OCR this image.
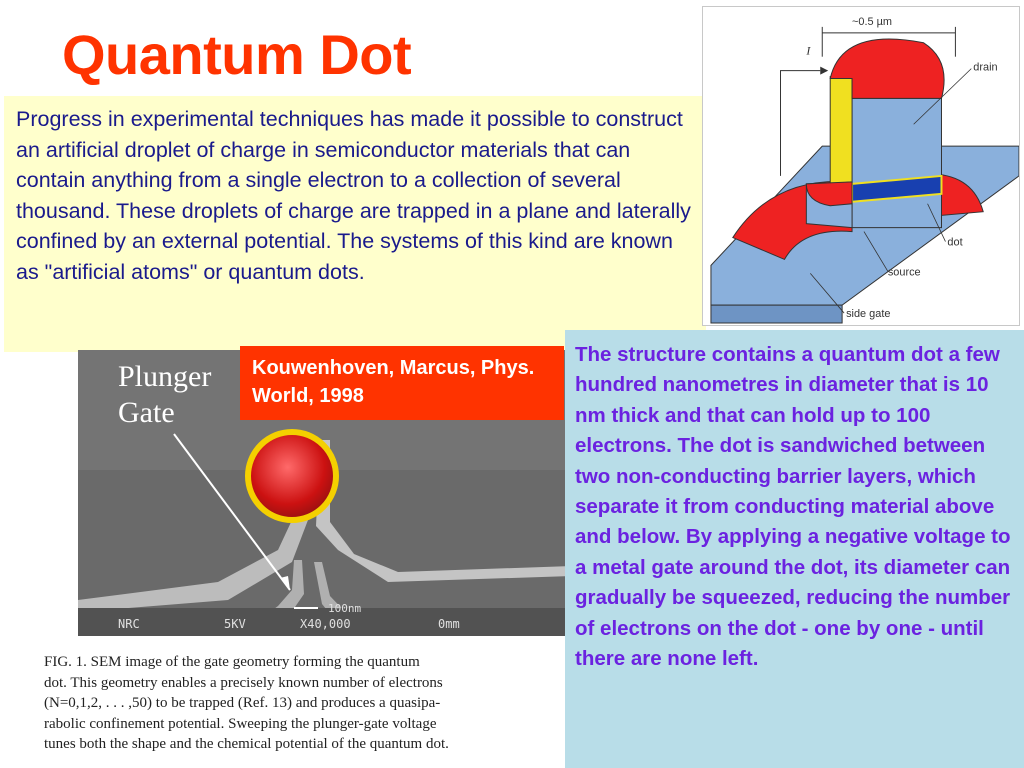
Quantum Dot
Progress in experimental techniques has made it possible to construct an artificial droplet of charge in semiconductor materials that can contain anything from a single electron to a collection of several thousand. These droplets of charge are trapped in a plane and laterally confined by an external potential. The systems of this kind are known as "artificial atoms" or quantum dots.
~0.5 µm
I
drain
dot
source
side gate
NRC	5KV	X40,000	0mm
100nm
Plunger
Gate
Kouwenhoven, Marcus, Phys. World, 1998
FIG. 1. SEM image of the gate geometry forming the quantum
dot. This geometry enables a precisely known number of electrons
(N=0,1,2, . . . ,50) to be trapped (Ref. 13) and produces a quasipa-
rabolic confinement potential. Sweeping the plunger-gate voltage
tunes both the shape and the chemical potential of the quantum dot.
The structure contains a quantum dot a few hundred nanometres in diameter that is 10 nm thick and that can hold up to 100 electrons. The dot is sandwiched between two non-conducting barrier layers, which separate it from conducting material above and below. By applying a negative voltage to a metal gate around the dot, its diameter can gradually be squeezed, reducing the number of electrons on the dot - one by one - until there are none left.
